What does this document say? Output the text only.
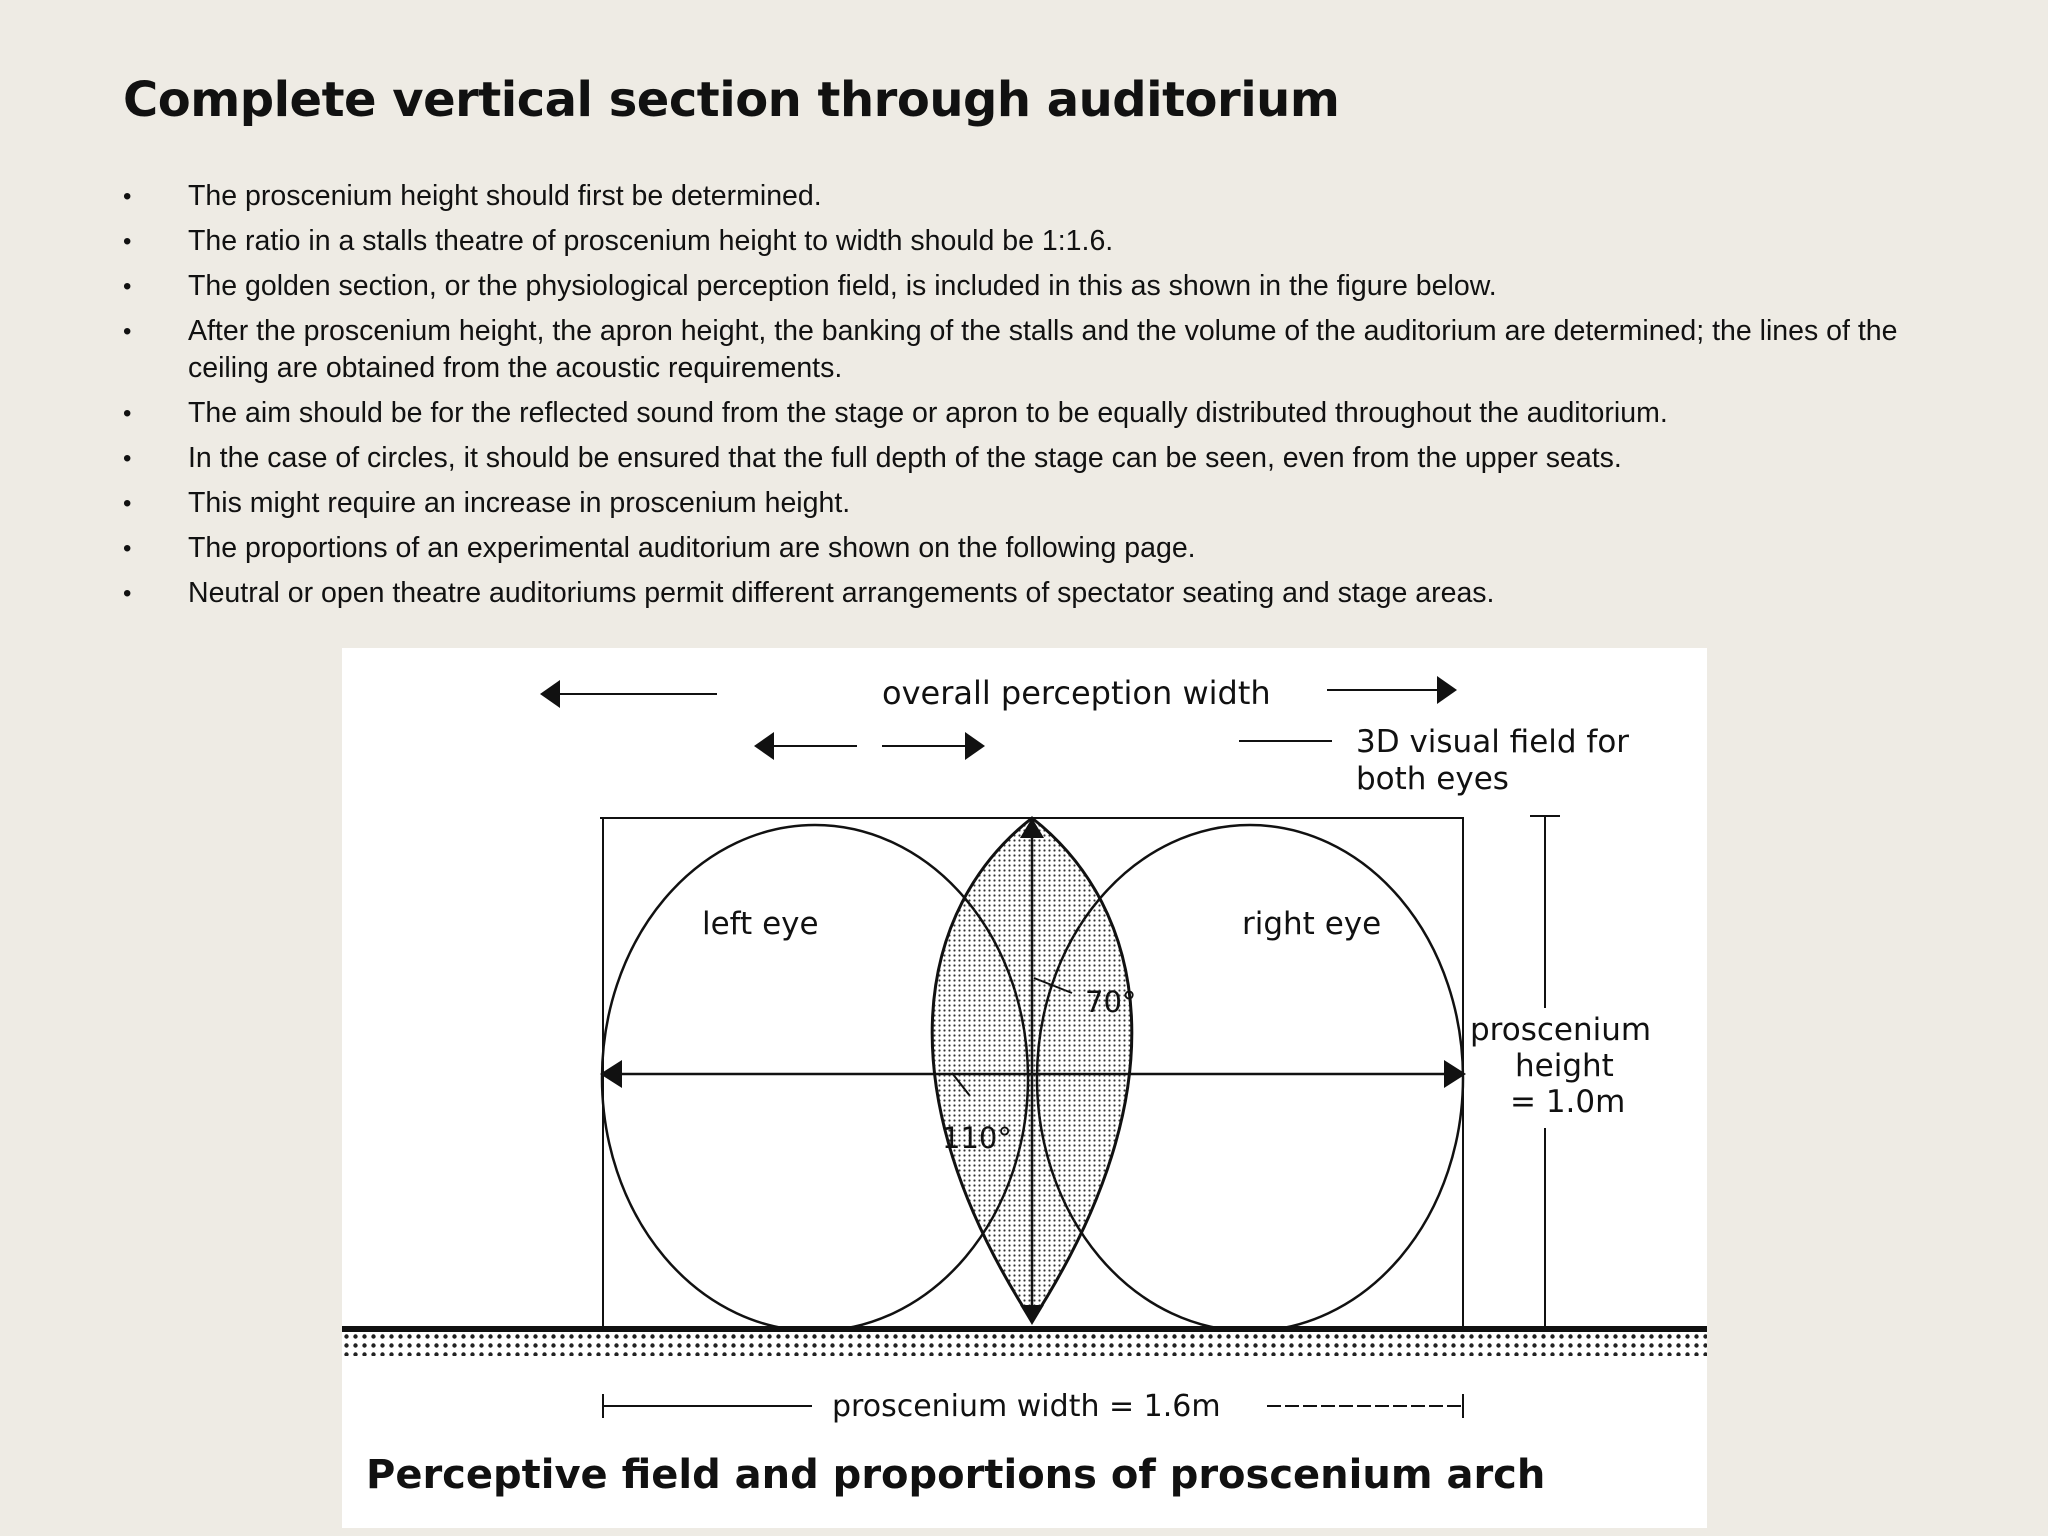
Complete vertical section through auditorium
•	The proscenium height should first be determined.
•	The ratio in a stalls theatre of proscenium height to width should be 1:1.6.
•	The golden section, or the physiological perception field, is included in this as shown in the figure below.
•	After the proscenium height, the apron height, the banking of the stalls and the volume of the auditorium are determined; the lines of the ceiling are obtained from the acoustic requirements.
•	The aim should be for the reflected sound from the stage or apron to be equally distributed throughout the auditorium.
•	In the case of circles, it should be ensured that the full depth of the stage can be seen, even from the upper seats.
•	This might require an increase in proscenium height.
•	The proportions of an experimental auditorium are shown on the following page.
•	Neutral or open theatre auditoriums permit different arrangements of spectator seating and stage areas.
overall perception width
3D visual field for
both eyes
left eye	right eye
70°
110°
proscenium
height
= 1.0m
proscenium width = 1.6m
Perceptive field and proportions of proscenium arch
